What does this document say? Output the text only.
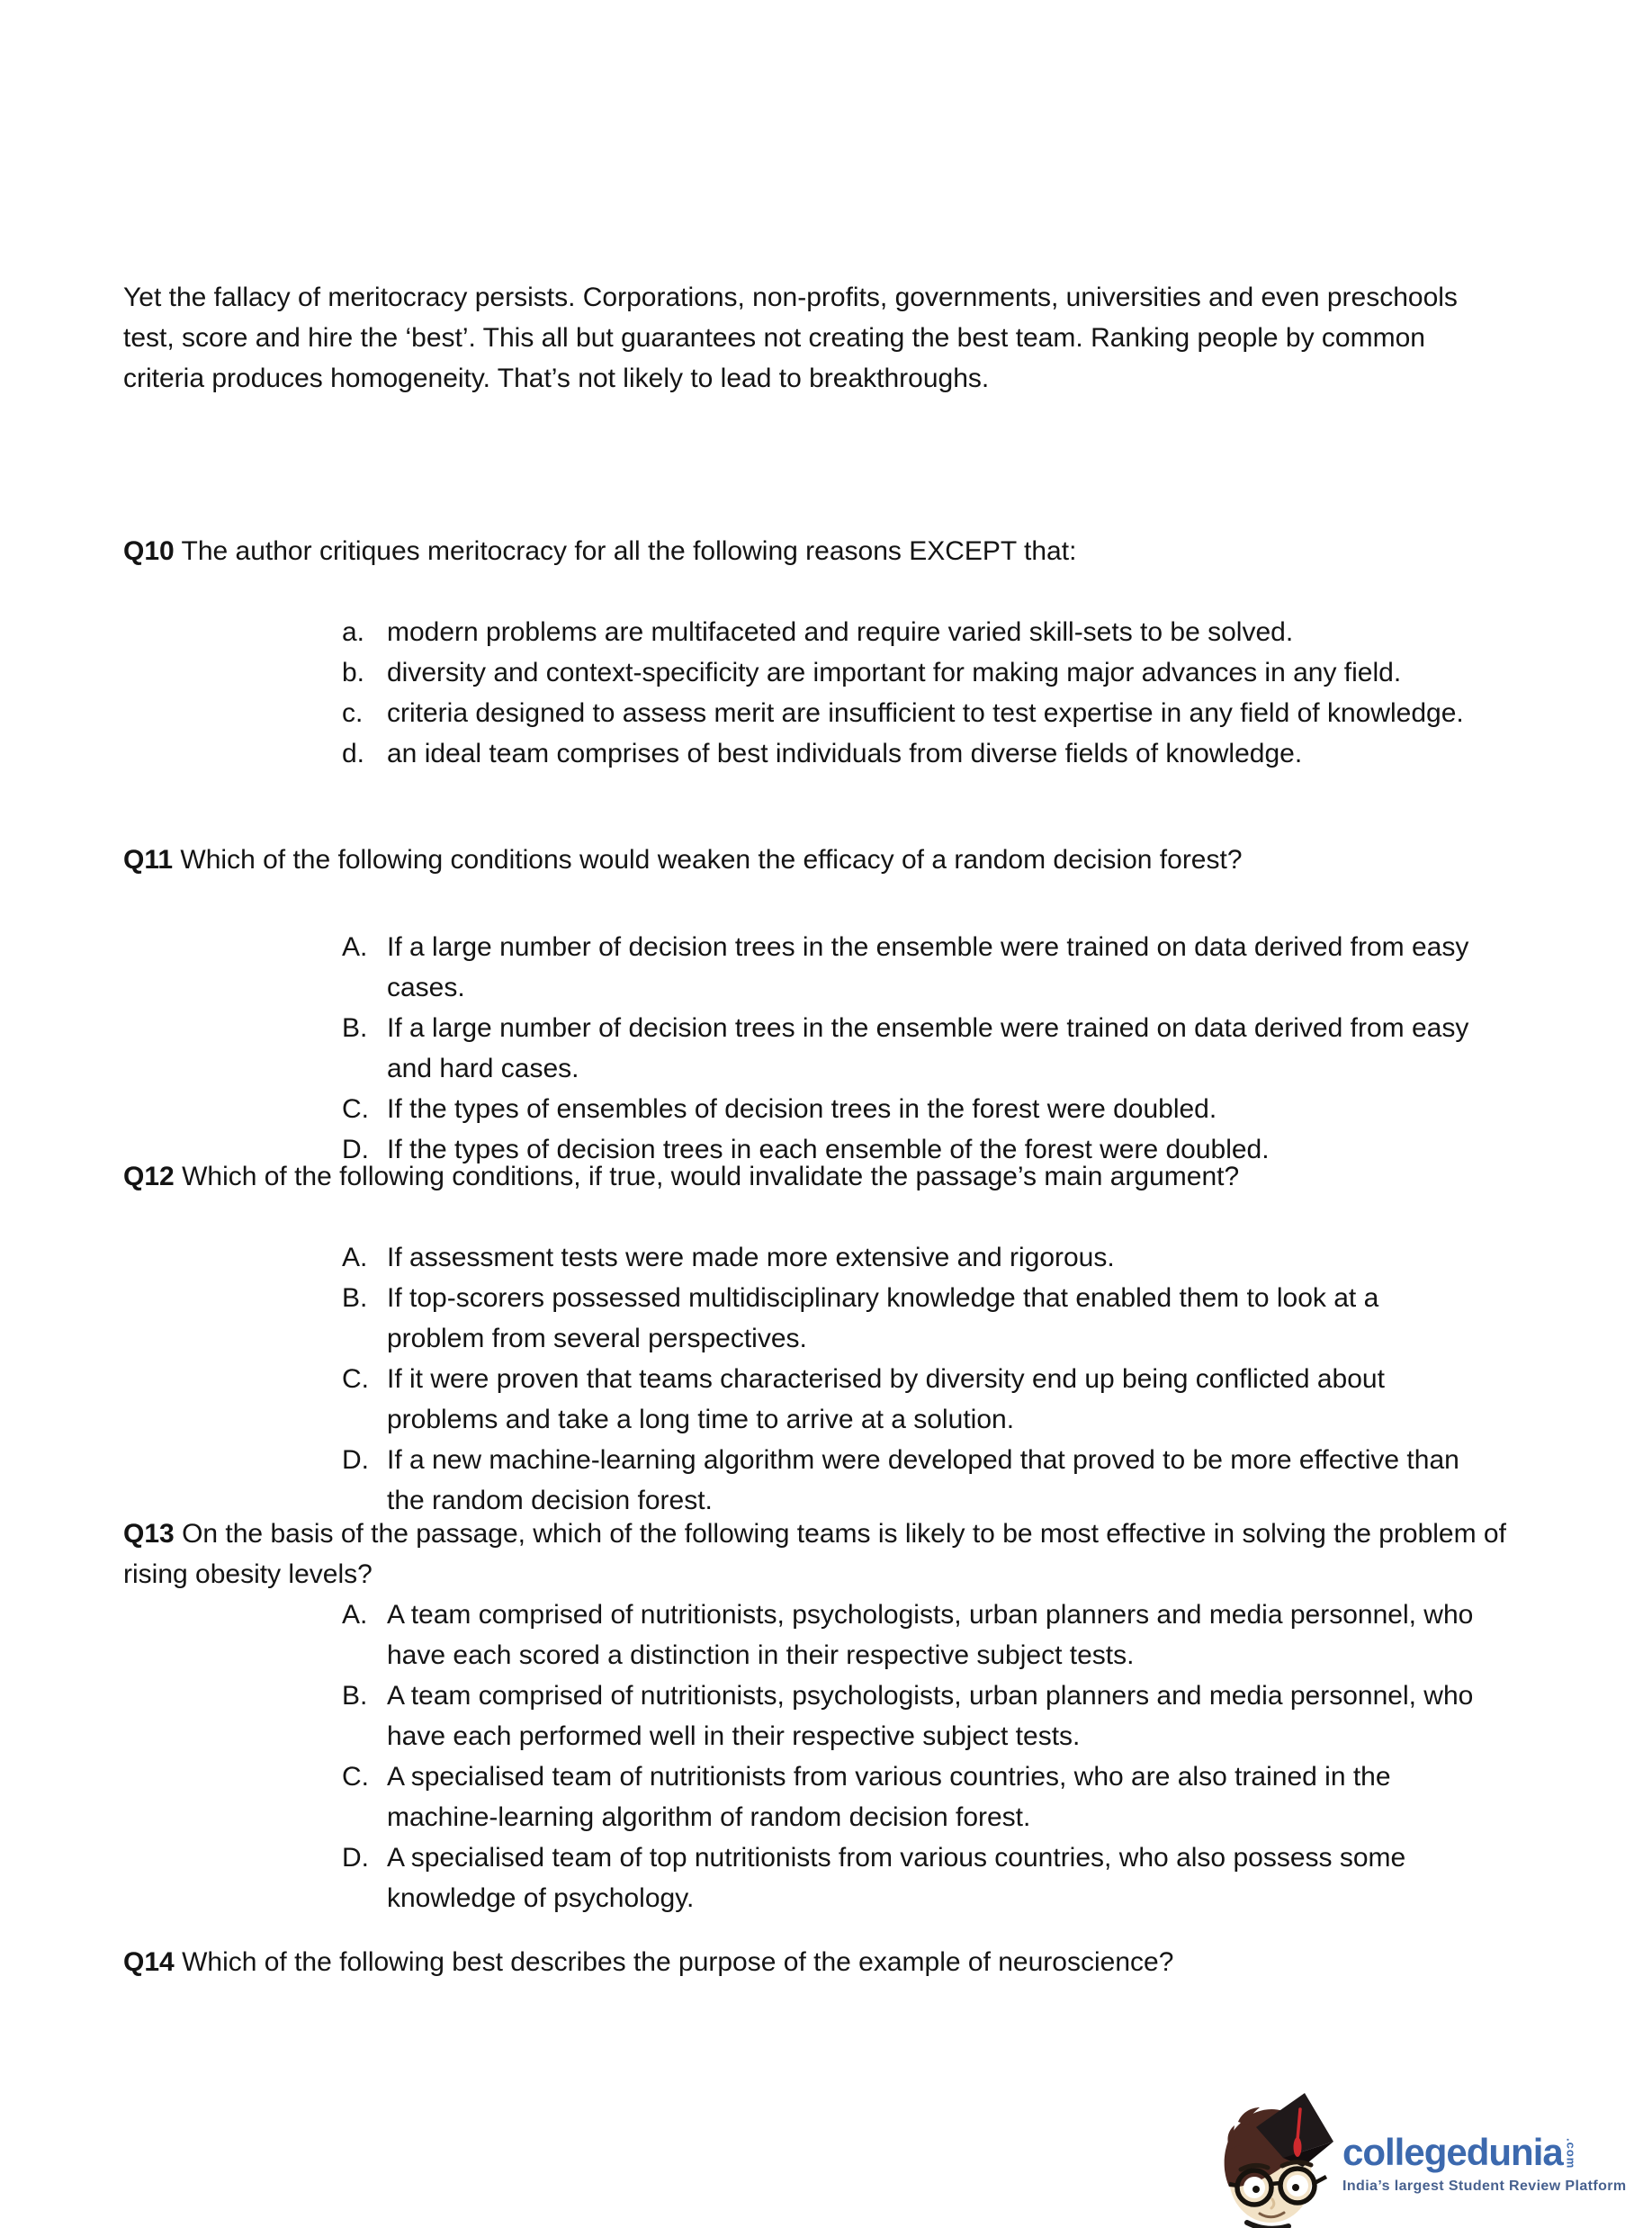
Yet the fallacy of meritocracy persists. Corporations, non-profits, governments, universities and even preschools test, score and hire the ‘best’. This all but guarantees not creating the best team. Ranking people by common criteria produces homogeneity. That’s not likely to lead to breakthroughs.

Q10 The author critiques meritocracy for all the following reasons EXCEPT that:
a. modern problems are multifaceted and require varied skill-sets to be solved.
b. diversity and context-specificity are important for making major advances in any field.
c. criteria designed to assess merit are insufficient to test expertise in any field of knowledge.
d. an ideal team comprises of best individuals from diverse fields of knowledge.
Q11 Which of the following conditions would weaken the efficacy of a random decision forest?
A. If a large number of decision trees in the ensemble were trained on data derived from easy cases.
B. If a large number of decision trees in the ensemble were trained on data derived from easy and hard cases.
C. If the types of ensembles of decision trees in the forest were doubled.
D. If the types of decision trees in each ensemble of the forest were doubled.
Q12 Which of the following conditions, if true, would invalidate the passage’s main argument?
A. If assessment tests were made more extensive and rigorous.
B. If top-scorers possessed multidisciplinary knowledge that enabled them to look at a problem from several perspectives.
C. If it were proven that teams characterised by diversity end up being conflicted about problems and take a long time to arrive at a solution.
D. If a new machine-learning algorithm were developed that proved to be more effective than the random decision forest.
Q13 On the basis of the passage, which of the following teams is likely to be most effective in solving the problem of rising obesity levels?
A. A team comprised of nutritionists, psychologists, urban planners and media personnel, who have each scored a distinction in their respective subject tests.
B. A team comprised of nutritionists, psychologists, urban planners and media personnel, who have each performed well in their respective subject tests.
C. A specialised team of nutritionists from various countries, who are also trained in the machine-learning algorithm of random decision forest.
D. A specialised team of top nutritionists from various countries, who also possess some knowledge of psychology.
Q14 Which of the following best describes the purpose of the example of neuroscience?
collegedunia .com
India’s largest Student Review Platform
